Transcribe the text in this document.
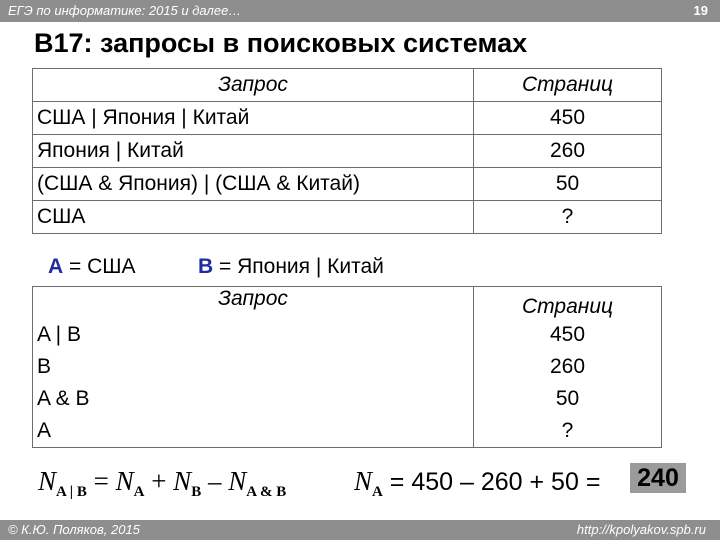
ЕГЭ по информатике: 2015 и далее…	19
B17: запросы в поисковых системах
Запрос	Страниц
США | Япония | Китай	450
Япония | Китай	260
(США & Япония) | (США & Китай)	50
США	?
A = США	B = Япония | Китай
Запрос	Страниц
A | B	450
B	260
A & B	50
A	?
$N_{A | B} = N_A + N_B - N_{A \& B}$	$N_A = 450 - 260 + 50 = 240$
© К.Ю. Поляков, 2015	http://kpolyakov.spb.ru
